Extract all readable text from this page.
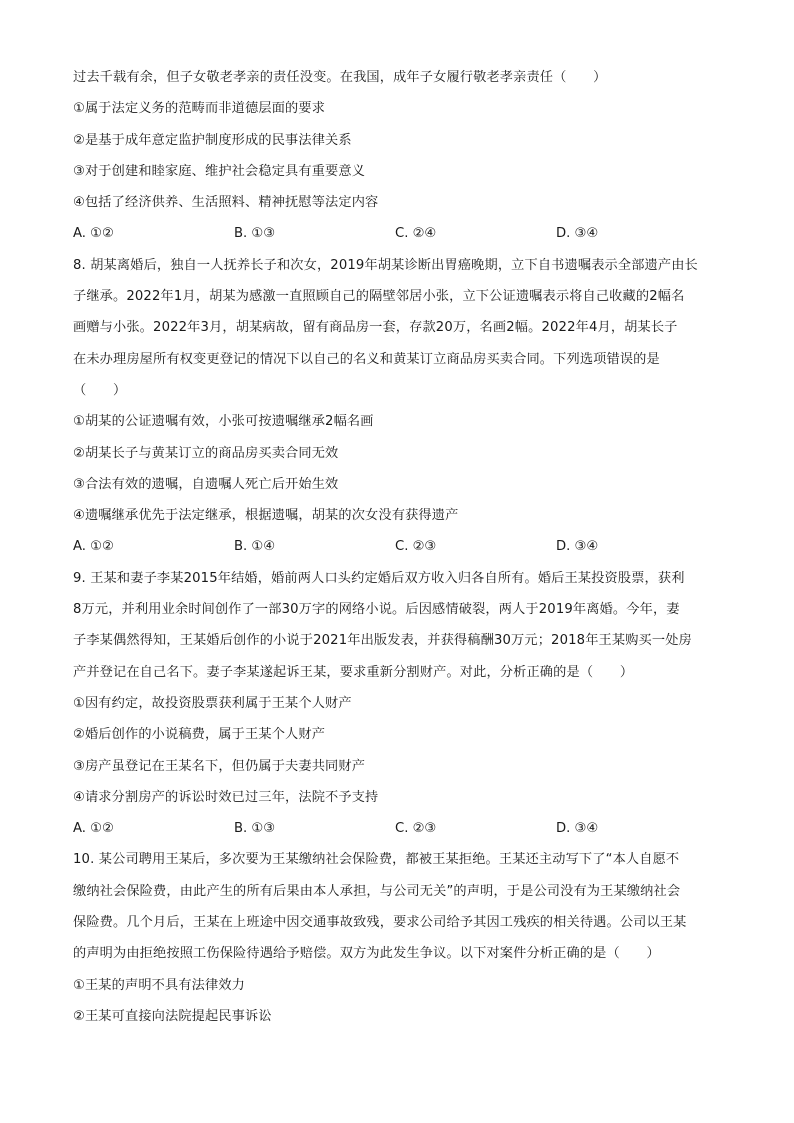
过去千载有余，但子女敬老孝亲的责任没变。在我国，成年子女履行敬老孝亲责任（　　）
①属于法定义务的范畴而非道德层面的要求
②是基于成年意定监护制度形成的民事法律关系
③对于创建和睦家庭、维护社会稳定具有重要意义
④包括了经济供养、生活照料、精神抚慰等法定内容
A. ①②	B. ①③	C. ②④	D. ③④
8. 胡某离婚后，独自一人抚养长子和次女，2019年胡某诊断出胃癌晚期，立下自书遗嘱表示全部遗产由长
子继承。2022年1月，胡某为感激一直照顾自己的隔壁邻居小张，立下公证遗嘱表示将自己收藏的2幅名
画赠与小张。2022年3月，胡某病故，留有商品房一套，存款20万，名画2幅。2022年4月，胡某长子
在未办理房屋所有权变更登记的情况下以自己的名义和黄某订立商品房买卖合同。下列选项错误的是
（　　）
①胡某的公证遗嘱有效，小张可按遗嘱继承2幅名画
②胡某长子与黄某订立的商品房买卖合同无效
③合法有效的遗嘱，自遗嘱人死亡后开始生效
④遗嘱继承优先于法定继承，根据遗嘱，胡某的次女没有获得遗产
A. ①②	B. ①④	C. ②③	D. ③④
9. 王某和妻子李某2015年结婚，婚前两人口头约定婚后双方收入归各自所有。婚后王某投资股票，获利
8万元，并利用业余时间创作了一部30万字的网络小说。后因感情破裂，两人于2019年离婚。今年，妻
子李某偶然得知，王某婚后创作的小说于2021年出版发表，并获得稿酬30万元；2018年王某购买一处房
产并登记在自己名下。妻子李某遂起诉王某，要求重新分割财产。对此，分析正确的是（　　）
①因有约定，故投资股票获利属于王某个人财产
②婚后创作的小说稿费，属于王某个人财产
③房产虽登记在王某名下，但仍属于夫妻共同财产
④请求分割房产的诉讼时效已过三年，法院不予支持
A. ①②	B. ①③	C. ②③	D. ③④
10. 某公司聘用王某后，多次要为王某缴纳社会保险费，都被王某拒绝。王某还主动写下了“本人自愿不
缴纳社会保险费，由此产生的所有后果由本人承担，与公司无关”的声明，于是公司没有为王某缴纳社会
保险费。几个月后，王某在上班途中因交通事故致残，要求公司给予其因工残疾的相关待遇。公司以王某
的声明为由拒绝按照工伤保险待遇给予赔偿。双方为此发生争议。以下对案件分析正确的是（　　）
①王某的声明不具有法律效力
②王某可直接向法院提起民事诉讼
